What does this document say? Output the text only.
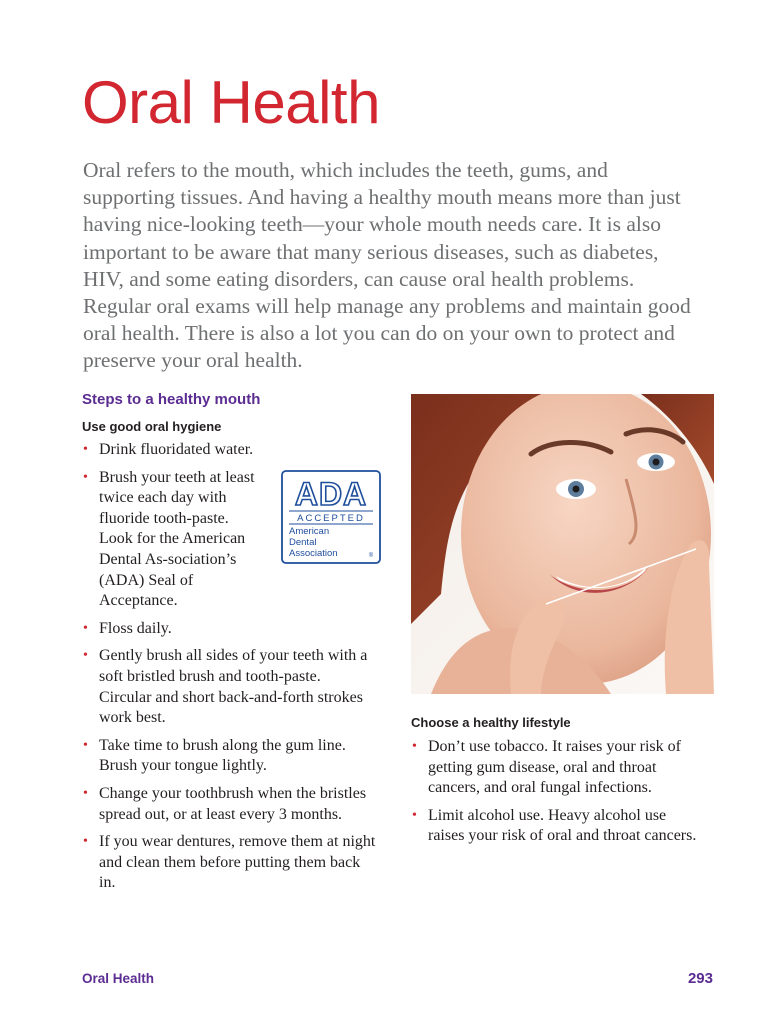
Oral Health

Oral refers to the mouth, which includes the teeth, gums, and supporting tissues. And having a healthy mouth means more than just having nice-looking teeth—your whole mouth needs care. It is also important to be aware that many serious diseases, such as diabetes, HIV, and some eating disorders, can cause oral health problems. Regular oral exams will help manage any problems and maintain good oral health. There is also a lot you can do on your own to protect and preserve your oral health.

Steps to a healthy mouth
Use good oral hygiene
• Drink fluoridated water.
• Brush your teeth at least twice each day with fluoride tooth-paste. Look for the American Dental As-sociation’s (ADA) Seal of Acceptance.
• Floss daily.
• Gently brush all sides of your teeth with a soft bristled brush and tooth-paste. Circular and short back-and-forth strokes work best.
• Take time to brush along the gum line. Brush your tongue lightly.
• Change your toothbrush when the bristles spread out, or at least every 3 months.
• If you wear dentures, remove them at night and clean them before putting them back in.
ADA
ACCEPTED
American
Dental
Association	®
Choose a healthy lifestyle
• Don’t use tobacco. It raises your risk of getting gum disease, oral and throat cancers, and oral fungal infections.
• Limit alcohol use. Heavy alcohol use raises your risk of oral and throat cancers.
Oral Health	293
